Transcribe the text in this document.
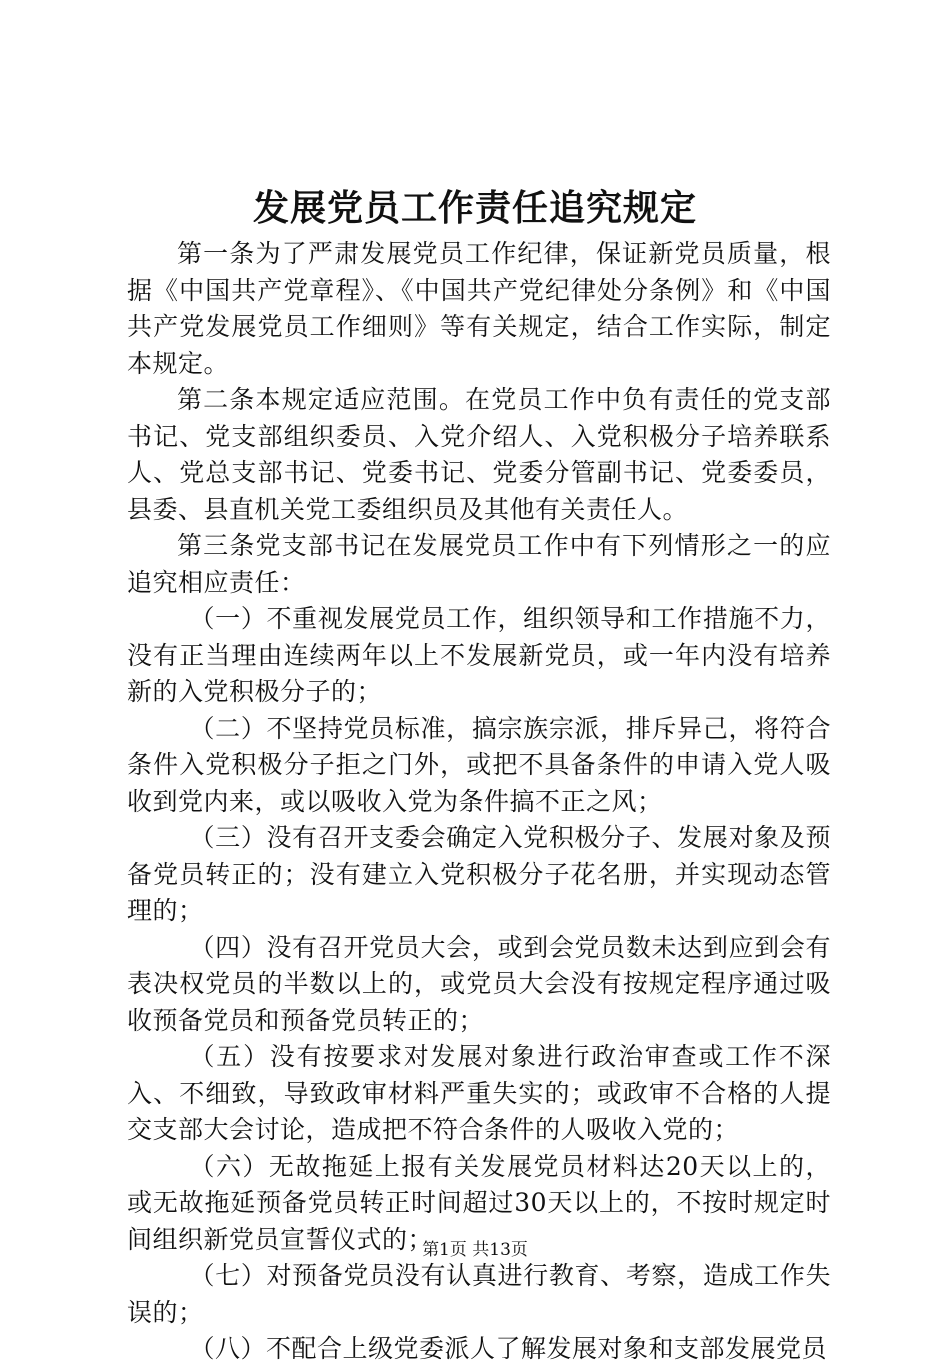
发展党员工作责任追究规定

第一条为了严肃发展党员工作纪律，保证新党员质量，根据《中国共产党章程》、《中国共产党纪律处分条例》和《中国共产党发展党员工作细则》等有关规定，结合工作实际，制定本规定。

第二条本规定适应范围。在党员工作中负有责任的党支部书记、党支部组织委员、入党介绍人、入党积极分子培养联系人、党总支部书记、党委书记、党委分管副书记、党委委员，县委、县直机关党工委组织员及其他有关责任人。

第三条党支部书记在发展党员工作中有下列情形之一的应追究相应责任：

（一）不重视发展党员工作，组织领导和工作措施不力，没有正当理由连续两年以上不发展新党员，或一年内没有培养新的入党积极分子的；

（二）不坚持党员标准，搞宗族宗派，排斥异己，将符合条件入党积极分子拒之门外，或把不具备条件的申请入党人吸收到党内来，或以吸收入党为条件搞不正之风；

（三）没有召开支委会确定入党积极分子、发展对象及预备党员转正的；没有建立入党积极分子花名册，并实现动态管理的；

（四）没有召开党员大会，或到会党员数未达到应到会有表决权党员的半数以上的，或党员大会没有按规定程序通过吸收预备党员和预备党员转正的；

（五）没有按要求对发展对象进行政治审查或工作不深入、不细致，导致政审材料严重失实的；或政审不合格的人提交支部大会讨论，造成把不符合条件的人吸收入党的；

（六）无故拖延上报有关发展党员材料达20天以上的，或无故拖延预备党员转正时间超过30天以上的，不按时规定时间组织新党员宣誓仪式的；

（七）对预备党员没有认真进行教育、考察，造成工作失误的；

（八）不配合上级党委派人了解发展对象和支部发展党员

第1页 共13页
